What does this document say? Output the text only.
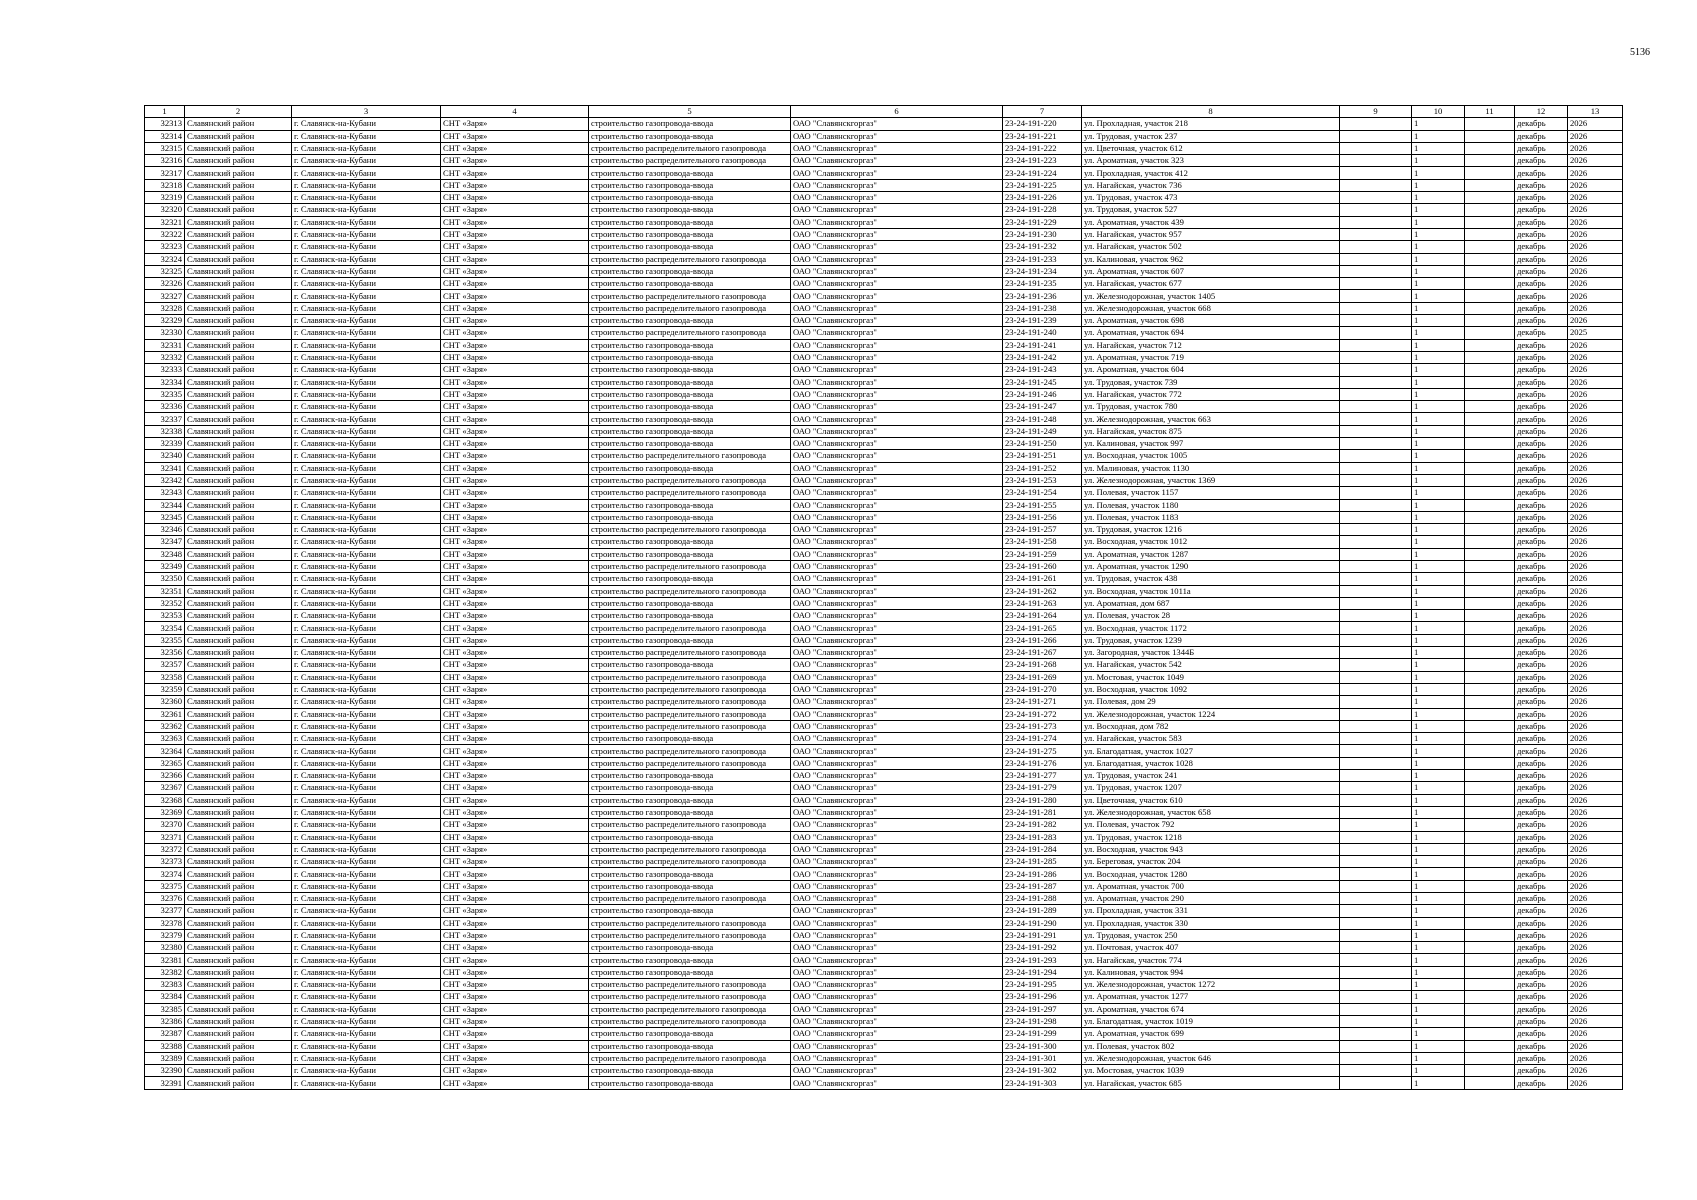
5136
1	2	3	4	5	6	7	8	9	10	11	12	13
32313	Славянский район	г. Славянск-на-Кубани	СНТ «Заря»	строительство газопровода-ввода	ОАО "Славянскгоргаз"	23-24-191-220	ул. Прохладная, участок 218		1		декабрь	2026
32314	Славянский район	г. Славянск-на-Кубани	СНТ «Заря»	строительство газопровода-ввода	ОАО "Славянскгоргаз"	23-24-191-221	ул. Трудовая, участок 237		1		декабрь	2026
32315	Славянский район	г. Славянск-на-Кубани	СНТ «Заря»	строительство распределительного газопровода	ОАО "Славянскгоргаз"	23-24-191-222	ул. Цветочная, участок 612		1		декабрь	2026
32316	Славянский район	г. Славянск-на-Кубани	СНТ «Заря»	строительство распределительного газопровода	ОАО "Славянскгоргаз"	23-24-191-223	ул. Ароматная, участок 323		1		декабрь	2026
32317	Славянский район	г. Славянск-на-Кубани	СНТ «Заря»	строительство газопровода-ввода	ОАО "Славянскгоргаз"	23-24-191-224	ул. Прохладная, участок 412		1		декабрь	2026
32318	Славянский район	г. Славянск-на-Кубани	СНТ «Заря»	строительство газопровода-ввода	ОАО "Славянскгоргаз"	23-24-191-225	ул. Нагайская, участок 736		1		декабрь	2026
32319	Славянский район	г. Славянск-на-Кубани	СНТ «Заря»	строительство газопровода-ввода	ОАО "Славянскгоргаз"	23-24-191-226	ул. Трудовая, участок 473		1		декабрь	2026
32320	Славянский район	г. Славянск-на-Кубани	СНТ «Заря»	строительство газопровода-ввода	ОАО "Славянскгоргаз"	23-24-191-228	ул. Трудовая, участок 527		1		декабрь	2026
32321	Славянский район	г. Славянск-на-Кубани	СНТ «Заря»	строительство газопровода-ввода	ОАО "Славянскгоргаз"	23-24-191-229	ул. Ароматная, участок 439		1		декабрь	2026
32322	Славянский район	г. Славянск-на-Кубани	СНТ «Заря»	строительство газопровода-ввода	ОАО "Славянскгоргаз"	23-24-191-230	ул. Нагайская, участок 957		1		декабрь	2026
32323	Славянский район	г. Славянск-на-Кубани	СНТ «Заря»	строительство газопровода-ввода	ОАО "Славянскгоргаз"	23-24-191-232	ул. Нагайская, участок 502		1		декабрь	2026
32324	Славянский район	г. Славянск-на-Кубани	СНТ «Заря»	строительство распределительного газопровода	ОАО "Славянскгоргаз"	23-24-191-233	ул. Калиновая, участок 962		1		декабрь	2026
32325	Славянский район	г. Славянск-на-Кубани	СНТ «Заря»	строительство газопровода-ввода	ОАО "Славянскгоргаз"	23-24-191-234	ул. Ароматная, участок 607		1		декабрь	2026
32326	Славянский район	г. Славянск-на-Кубани	СНТ «Заря»	строительство газопровода-ввода	ОАО "Славянскгоргаз"	23-24-191-235	ул. Нагайская, участок 677		1		декабрь	2026
32327	Славянский район	г. Славянск-на-Кубани	СНТ «Заря»	строительство распределительного газопровода	ОАО "Славянскгоргаз"	23-24-191-236	ул. Железнодорожная, участок 1405		1		декабрь	2026
32328	Славянский район	г. Славянск-на-Кубани	СНТ «Заря»	строительство распределительного газопровода	ОАО "Славянскгоргаз"	23-24-191-238	ул. Железнодорожная, участок 668		1		декабрь	2026
32329	Славянский район	г. Славянск-на-Кубани	СНТ «Заря»	строительство газопровода-ввода	ОАО "Славянскгоргаз"	23-24-191-239	ул. Ароматная, участок 698		1		декабрь	2026
32330	Славянский район	г. Славянск-на-Кубани	СНТ «Заря»	строительство распределительного газопровода	ОАО "Славянскгоргаз"	23-24-191-240	ул. Ароматная, участок 694		1		декабрь	2025
32331	Славянский район	г. Славянск-на-Кубани	СНТ «Заря»	строительство газопровода-ввода	ОАО "Славянскгоргаз"	23-24-191-241	ул. Нагайская, участок 712		1		декабрь	2026
32332	Славянский район	г. Славянск-на-Кубани	СНТ «Заря»	строительство газопровода-ввода	ОАО "Славянскгоргаз"	23-24-191-242	ул. Ароматная, участок 719		1		декабрь	2026
32333	Славянский район	г. Славянск-на-Кубани	СНТ «Заря»	строительство газопровода-ввода	ОАО "Славянскгоргаз"	23-24-191-243	ул. Ароматная, участок 604		1		декабрь	2026
32334	Славянский район	г. Славянск-на-Кубани	СНТ «Заря»	строительство газопровода-ввода	ОАО "Славянскгоргаз"	23-24-191-245	ул. Трудовая, участок 739		1		декабрь	2026
32335	Славянский район	г. Славянск-на-Кубани	СНТ «Заря»	строительство газопровода-ввода	ОАО "Славянскгоргаз"	23-24-191-246	ул. Нагайская, участок 772		1		декабрь	2026
32336	Славянский район	г. Славянск-на-Кубани	СНТ «Заря»	строительство газопровода-ввода	ОАО "Славянскгоргаз"	23-24-191-247	ул. Трудовая, участок 780		1		декабрь	2026
32337	Славянский район	г. Славянск-на-Кубани	СНТ «Заря»	строительство газопровода-ввода	ОАО "Славянскгоргаз"	23-24-191-248	ул. Железнодорожная, участок 663		1		декабрь	2026
32338	Славянский район	г. Славянск-на-Кубани	СНТ «Заря»	строительство газопровода-ввода	ОАО "Славянскгоргаз"	23-24-191-249	ул. Нагайская, участок 875		1		декабрь	2026
32339	Славянский район	г. Славянск-на-Кубани	СНТ «Заря»	строительство газопровода-ввода	ОАО "Славянскгоргаз"	23-24-191-250	ул. Калиновая, участок 997		1		декабрь	2026
32340	Славянский район	г. Славянск-на-Кубани	СНТ «Заря»	строительство распределительного газопровода	ОАО "Славянскгоргаз"	23-24-191-251	ул. Восходная, участок 1005		1		декабрь	2026
32341	Славянский район	г. Славянск-на-Кубани	СНТ «Заря»	строительство газопровода-ввода	ОАО "Славянскгоргаз"	23-24-191-252	ул. Малиновая, участок 1130		1		декабрь	2026
32342	Славянский район	г. Славянск-на-Кубани	СНТ «Заря»	строительство распределительного газопровода	ОАО "Славянскгоргаз"	23-24-191-253	ул. Железнодорожная, участок 1369		1		декабрь	2026
32343	Славянский район	г. Славянск-на-Кубани	СНТ «Заря»	строительство распределительного газопровода	ОАО "Славянскгоргаз"	23-24-191-254	ул. Полевая, участок 1157		1		декабрь	2026
32344	Славянский район	г. Славянск-на-Кубани	СНТ «Заря»	строительство газопровода-ввода	ОАО "Славянскгоргаз"	23-24-191-255	ул. Полевая, участок 1180		1		декабрь	2026
32345	Славянский район	г. Славянск-на-Кубани	СНТ «Заря»	строительство газопровода-ввода	ОАО "Славянскгоргаз"	23-24-191-256	ул. Полевая, участок 1183		1		декабрь	2026
32346	Славянский район	г. Славянск-на-Кубани	СНТ «Заря»	строительство распределительного газопровода	ОАО "Славянскгоргаз"	23-24-191-257	ул. Трудовая, участок 1216		1		декабрь	2026
32347	Славянский район	г. Славянск-на-Кубани	СНТ «Заря»	строительство газопровода-ввода	ОАО "Славянскгоргаз"	23-24-191-258	ул. Восходная, участок 1012		1		декабрь	2026
32348	Славянский район	г. Славянск-на-Кубани	СНТ «Заря»	строительство газопровода-ввода	ОАО "Славянскгоргаз"	23-24-191-259	ул. Ароматная, участок 1287		1		декабрь	2026
32349	Славянский район	г. Славянск-на-Кубани	СНТ «Заря»	строительство распределительного газопровода	ОАО "Славянскгоргаз"	23-24-191-260	ул. Ароматная, участок 1290		1		декабрь	2026
32350	Славянский район	г. Славянск-на-Кубани	СНТ «Заря»	строительство газопровода-ввода	ОАО "Славянскгоргаз"	23-24-191-261	ул. Трудовая, участок 438		1		декабрь	2026
32351	Славянский район	г. Славянск-на-Кубани	СНТ «Заря»	строительство распределительного газопровода	ОАО "Славянскгоргаз"	23-24-191-262	ул. Восходная, участок 1011а		1		декабрь	2026
32352	Славянский район	г. Славянск-на-Кубани	СНТ «Заря»	строительство газопровода-ввода	ОАО "Славянскгоргаз"	23-24-191-263	ул. Ароматная, дом 687		1		декабрь	2026
32353	Славянский район	г. Славянск-на-Кубани	СНТ «Заря»	строительство газопровода-ввода	ОАО "Славянскгоргаз"	23-24-191-264	ул. Полевая, участок 28		1		декабрь	2026
32354	Славянский район	г. Славянск-на-Кубани	СНТ «Заря»	строительство распределительного газопровода	ОАО "Славянскгоргаз"	23-24-191-265	ул. Восходная, участок 1172		1		декабрь	2026
32355	Славянский район	г. Славянск-на-Кубани	СНТ «Заря»	строительство газопровода-ввода	ОАО "Славянскгоргаз"	23-24-191-266	ул. Трудовая, участок 1239		1		декабрь	2026
32356	Славянский район	г. Славянск-на-Кубани	СНТ «Заря»	строительство распределительного газопровода	ОАО "Славянскгоргаз"	23-24-191-267	ул. Загородная, участок 1344Б		1		декабрь	2026
32357	Славянский район	г. Славянск-на-Кубани	СНТ «Заря»	строительство газопровода-ввода	ОАО "Славянскгоргаз"	23-24-191-268	ул. Нагайская, участок 542		1		декабрь	2026
32358	Славянский район	г. Славянск-на-Кубани	СНТ «Заря»	строительство распределительного газопровода	ОАО "Славянскгоргаз"	23-24-191-269	ул. Мостовая, участок 1049		1		декабрь	2026
32359	Славянский район	г. Славянск-на-Кубани	СНТ «Заря»	строительство распределительного газопровода	ОАО "Славянскгоргаз"	23-24-191-270	ул. Восходная, участок 1092		1		декабрь	2026
32360	Славянский район	г. Славянск-на-Кубани	СНТ «Заря»	строительство распределительного газопровода	ОАО "Славянскгоргаз"	23-24-191-271	ул. Полевая, дом 29		1		декабрь	2026
32361	Славянский район	г. Славянск-на-Кубани	СНТ «Заря»	строительство распределительного газопровода	ОАО "Славянскгоргаз"	23-24-191-272	ул. Железнодорожная, участок 1224		1		декабрь	2026
32362	Славянский район	г. Славянск-на-Кубани	СНТ «Заря»	строительство распределительного газопровода	ОАО "Славянскгоргаз"	23-24-191-273	ул. Восходная, дом 782		1		декабрь	2026
32363	Славянский район	г. Славянск-на-Кубани	СНТ «Заря»	строительство газопровода-ввода	ОАО "Славянскгоргаз"	23-24-191-274	ул. Нагайская, участок 583		1		декабрь	2026
32364	Славянский район	г. Славянск-на-Кубани	СНТ «Заря»	строительство распределительного газопровода	ОАО "Славянскгоргаз"	23-24-191-275	ул. Благодатная, участок 1027		1		декабрь	2026
32365	Славянский район	г. Славянск-на-Кубани	СНТ «Заря»	строительство распределительного газопровода	ОАО "Славянскгоргаз"	23-24-191-276	ул. Благодатная, участок 1028		1		декабрь	2026
32366	Славянский район	г. Славянск-на-Кубани	СНТ «Заря»	строительство газопровода-ввода	ОАО "Славянскгоргаз"	23-24-191-277	ул. Трудовая, участок 241		1		декабрь	2026
32367	Славянский район	г. Славянск-на-Кубани	СНТ «Заря»	строительство газопровода-ввода	ОАО "Славянскгоргаз"	23-24-191-279	ул. Трудовая, участок 1207		1		декабрь	2026
32368	Славянский район	г. Славянск-на-Кубани	СНТ «Заря»	строительство газопровода-ввода	ОАО "Славянскгоргаз"	23-24-191-280	ул. Цветочная, участок 610		1		декабрь	2026
32369	Славянский район	г. Славянск-на-Кубани	СНТ «Заря»	строительство газопровода-ввода	ОАО "Славянскгоргаз"	23-24-191-281	ул. Железнодорожная, участок 658		1		декабрь	2026
32370	Славянский район	г. Славянск-на-Кубани	СНТ «Заря»	строительство распределительного газопровода	ОАО "Славянскгоргаз"	23-24-191-282	ул. Полевая, участок 792		1		декабрь	2026
32371	Славянский район	г. Славянск-на-Кубани	СНТ «Заря»	строительство газопровода-ввода	ОАО "Славянскгоргаз"	23-24-191-283	ул. Трудовая, участок 1218		1		декабрь	2026
32372	Славянский район	г. Славянск-на-Кубани	СНТ «Заря»	строительство распределительного газопровода	ОАО "Славянскгоргаз"	23-24-191-284	ул. Восходная, участок 943		1		декабрь	2026
32373	Славянский район	г. Славянск-на-Кубани	СНТ «Заря»	строительство распределительного газопровода	ОАО "Славянскгоргаз"	23-24-191-285	ул. Береговая, участок 204		1		декабрь	2026
32374	Славянский район	г. Славянск-на-Кубани	СНТ «Заря»	строительство газопровода-ввода	ОАО "Славянскгоргаз"	23-24-191-286	ул. Восходная, участок 1280		1		декабрь	2026
32375	Славянский район	г. Славянск-на-Кубани	СНТ «Заря»	строительство газопровода-ввода	ОАО "Славянскгоргаз"	23-24-191-287	ул. Ароматная, участок 700		1		декабрь	2026
32376	Славянский район	г. Славянск-на-Кубани	СНТ «Заря»	строительство распределительного газопровода	ОАО "Славянскгоргаз"	23-24-191-288	ул. Ароматная, участок 290		1		декабрь	2026
32377	Славянский район	г. Славянск-на-Кубани	СНТ «Заря»	строительство газопровода-ввода	ОАО "Славянскгоргаз"	23-24-191-289	ул. Прохладная, участок 331		1		декабрь	2026
32378	Славянский район	г. Славянск-на-Кубани	СНТ «Заря»	строительство распределительного газопровода	ОАО "Славянскгоргаз"	23-24-191-290	ул. Прохладная, участок 330		1		декабрь	2026
32379	Славянский район	г. Славянск-на-Кубани	СНТ «Заря»	строительство распределительного газопровода	ОАО "Славянскгоргаз"	23-24-191-291	ул. Трудовая, участок 250		1		декабрь	2026
32380	Славянский район	г. Славянск-на-Кубани	СНТ «Заря»	строительство газопровода-ввода	ОАО "Славянскгоргаз"	23-24-191-292	ул. Почтовая, участок 407		1		декабрь	2026
32381	Славянский район	г. Славянск-на-Кубани	СНТ «Заря»	строительство газопровода-ввода	ОАО "Славянскгоргаз"	23-24-191-293	ул. Нагайская, участок 774		1		декабрь	2026
32382	Славянский район	г. Славянск-на-Кубани	СНТ «Заря»	строительство газопровода-ввода	ОАО "Славянскгоргаз"	23-24-191-294	ул. Калиновая, участок 994		1		декабрь	2026
32383	Славянский район	г. Славянск-на-Кубани	СНТ «Заря»	строительство распределительного газопровода	ОАО "Славянскгоргаз"	23-24-191-295	ул. Железнодорожная, участок 1272		1		декабрь	2026
32384	Славянский район	г. Славянск-на-Кубани	СНТ «Заря»	строительство распределительного газопровода	ОАО "Славянскгоргаз"	23-24-191-296	ул. Ароматная, участок 1277		1		декабрь	2026
32385	Славянский район	г. Славянск-на-Кубани	СНТ «Заря»	строительство распределительного газопровода	ОАО "Славянскгоргаз"	23-24-191-297	ул. Ароматная, участок 674		1		декабрь	2026
32386	Славянский район	г. Славянск-на-Кубани	СНТ «Заря»	строительство распределительного газопровода	ОАО "Славянскгоргаз"	23-24-191-298	ул. Благодатная, участок 1019		1		декабрь	2026
32387	Славянский район	г. Славянск-на-Кубани	СНТ «Заря»	строительство газопровода-ввода	ОАО "Славянскгоргаз"	23-24-191-299	ул. Ароматная, участок 699		1		декабрь	2026
32388	Славянский район	г. Славянск-на-Кубани	СНТ «Заря»	строительство газопровода-ввода	ОАО "Славянскгоргаз"	23-24-191-300	ул. Полевая, участок 802		1		декабрь	2026
32389	Славянский район	г. Славянск-на-Кубани	СНТ «Заря»	строительство распределительного газопровода	ОАО "Славянскгоргаз"	23-24-191-301	ул. Железнодорожная, участок 646		1		декабрь	2026
32390	Славянский район	г. Славянск-на-Кубани	СНТ «Заря»	строительство газопровода-ввода	ОАО "Славянскгоргаз"	23-24-191-302	ул. Мостовая, участок 1039		1		декабрь	2026
32391	Славянский район	г. Славянск-на-Кубани	СНТ «Заря»	строительство газопровода-ввода	ОАО "Славянскгоргаз"	23-24-191-303	ул. Нагайская, участок 685		1		декабрь	2026
